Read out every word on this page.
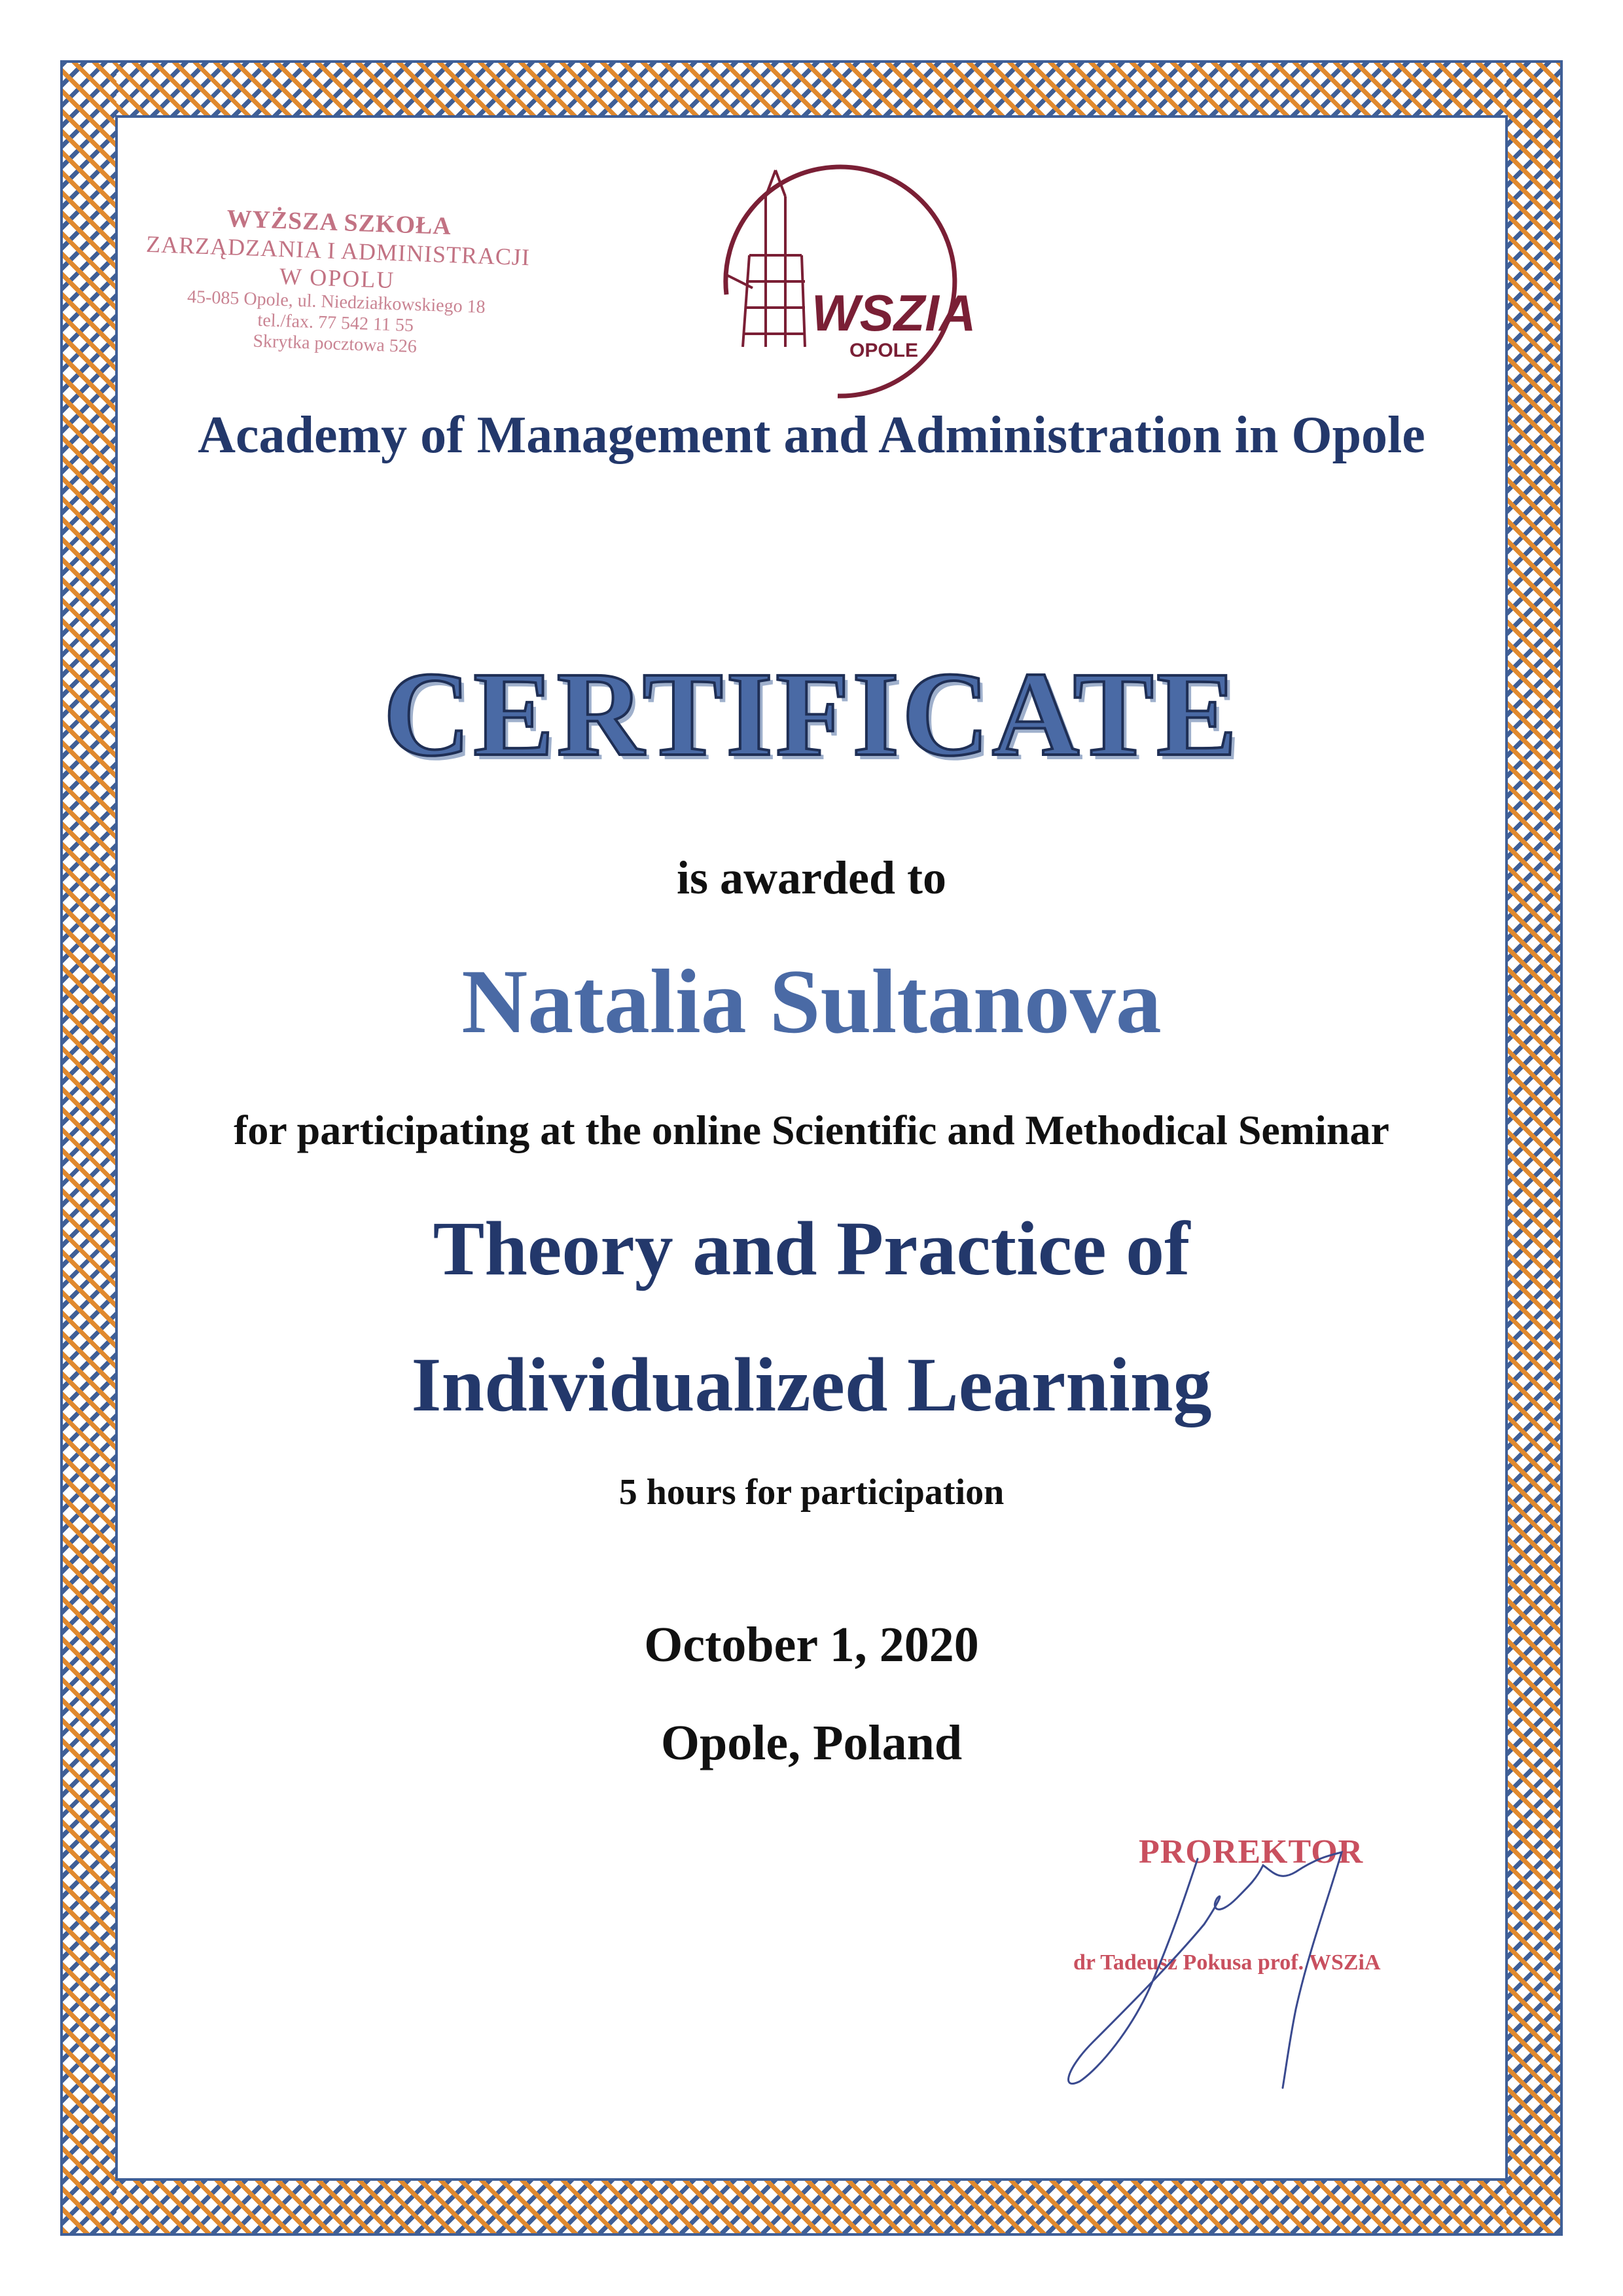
WYŻSZA SZKOŁA
ZARZĄDZANIA I ADMINISTRACJI
W OPOLU
45-085 Opole, ul. Niedziałkowskiego 18
tel./fax. 77 542 11 55
Skrytka pocztowa 526
WSZIA
OPOLE
Academy of Management and Administration in Opole
CERTIFICATE
is awarded to
Natalia Sultanova
for participating at the online Scientific and Methodical Seminar
Theory and Practice of
Individualized Learning
5 hours for participation
October 1, 2020
Opole, Poland
PROREKTOR
dr Tadeusz Pokusa prof. WSZiA
